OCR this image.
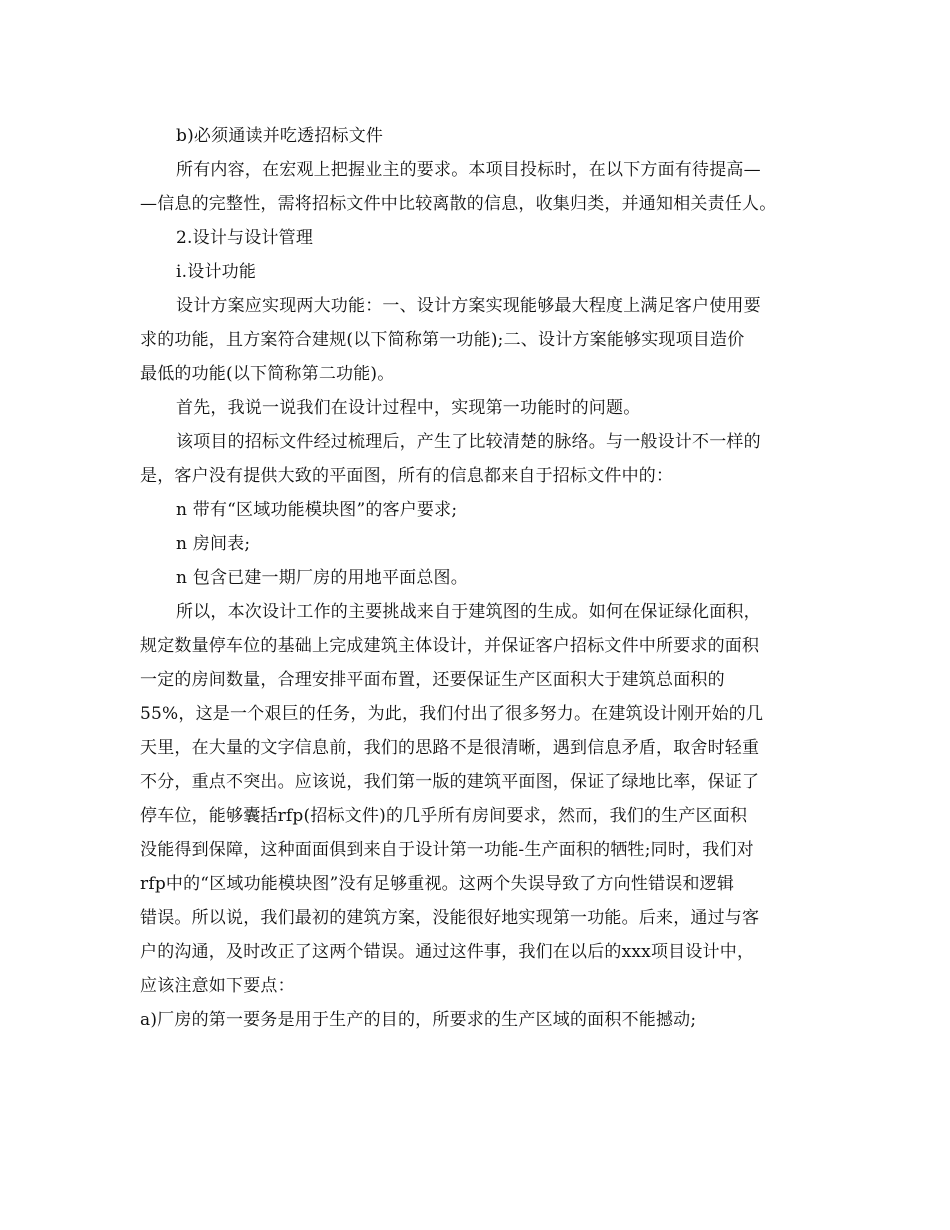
b)必须通读并吃透招标文件
所有内容，在宏观上把握业主的要求。本项目投标时，在以下方面有待提高—
—信息的完整性，需将招标文件中比较离散的信息，收集归类，并通知相关责任人。
2.设计与设计管理
i.设计功能
设计方案应实现两大功能：一、设计方案实现能够最大程度上满足客户使用要
求的功能，且方案符合建规(以下简称第一功能);二、设计方案能够实现项目造价
最低的功能(以下简称第二功能)。
首先，我说一说我们在设计过程中，实现第一功能时的问题。
该项目的招标文件经过梳理后，产生了比较清楚的脉络。与一般设计不一样的
是，客户没有提供大致的平面图，所有的信息都来自于招标文件中的：
n 带有“区域功能模块图”的客户要求;
n 房间表;
n 包含已建一期厂房的用地平面总图。
所以，本次设计工作的主要挑战来自于建筑图的生成。如何在保证绿化面积，
规定数量停车位的基础上完成建筑主体设计，并保证客户招标文件中所要求的面积
一定的房间数量，合理安排平面布置，还要保证生产区面积大于建筑总面积的
55%，这是一个艰巨的任务，为此，我们付出了很多努力。在建筑设计刚开始的几
天里，在大量的文字信息前，我们的思路不是很清晰，遇到信息矛盾，取舍时轻重
不分，重点不突出。应该说，我们第一版的建筑平面图，保证了绿地比率，保证了
停车位，能够囊括rfp(招标文件)的几乎所有房间要求，然而，我们的生产区面积
没能得到保障，这种面面俱到来自于设计第一功能-生产面积的牺牲;同时，我们对
rfp中的“区域功能模块图”没有足够重视。这两个失误导致了方向性错误和逻辑
错误。所以说，我们最初的建筑方案，没能很好地实现第一功能。后来，通过与客
户的沟通，及时改正了这两个错误。通过这件事，我们在以后的xxx项目设计中，
应该注意如下要点：
a)厂房的第一要务是用于生产的目的，所要求的生产区域的面积不能撼动;
